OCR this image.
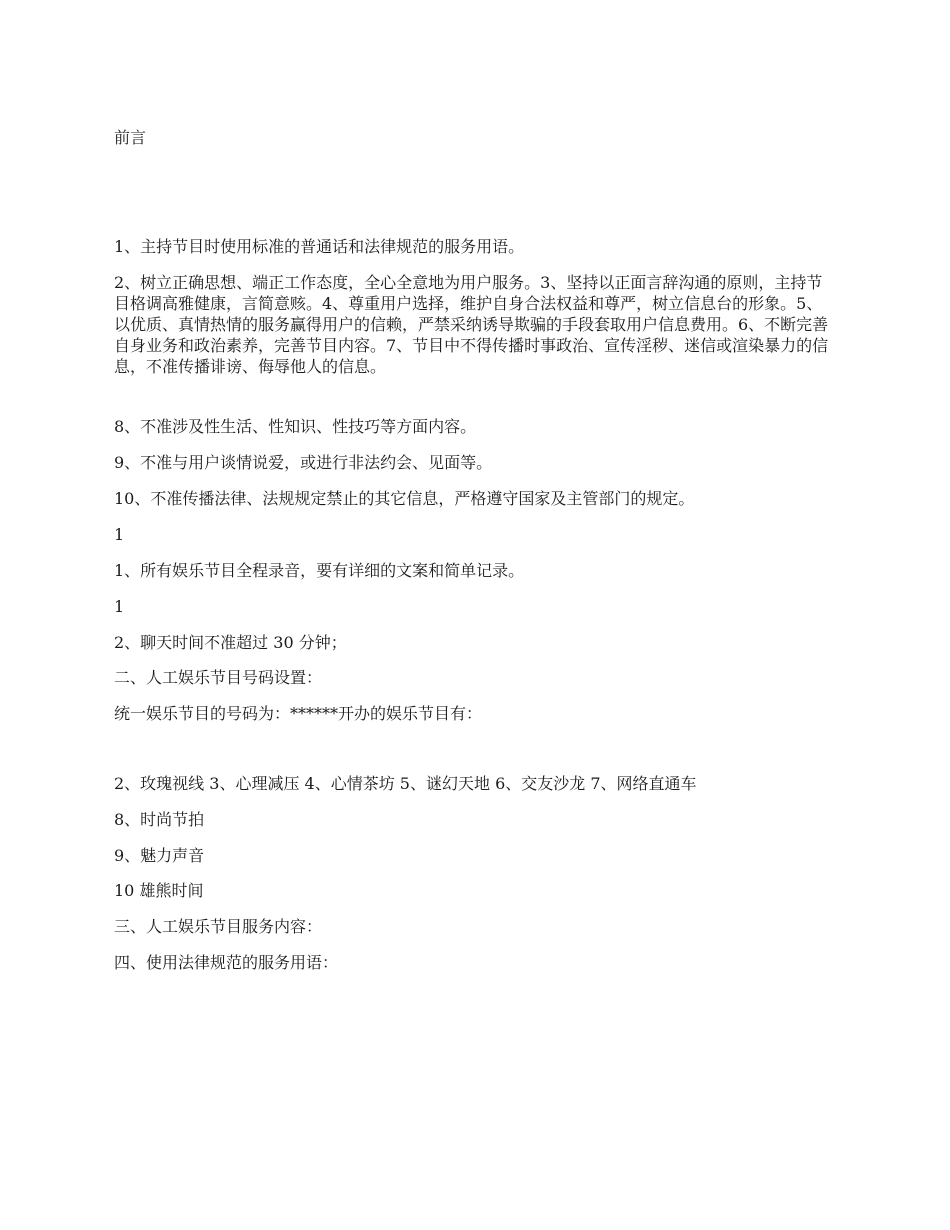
前言

1、主持节目时使用标准的普通话和法律规范的服务用语。

2、树立正确思想、端正工作态度，全心全意地为用户服务。3、坚持以正面言辞沟通的原则，主持节目格调高雅健康，言简意赅。4、尊重用户选择，维护自身合法权益和尊严，树立信息台的形象。5、以优质、真情热情的服务赢得用户的信赖，严禁采纳诱导欺骗的手段套取用户信息费用。6、不断完善自身业务和政治素养，完善节目内容。7、节目中不得传播时事政治、宣传淫秽、迷信或渲染暴力的信息，不准传播诽谤、侮辱他人的信息。

8、不准涉及性生活、性知识、性技巧等方面内容。

9、不准与用户谈情说爱，或进行非法约会、见面等。

10、不准传播法律、法规规定禁止的其它信息，严格遵守国家及主管部门的规定。

1

1、所有娱乐节目全程录音，要有详细的文案和简单记录。

1

2、聊天时间不准超过 30 分钟；

二、人工娱乐节目号码设置：

统一娱乐节目的号码为：******开办的娱乐节目有：

2、玫瑰视线 3、心理减压 4、心情茶坊 5、谜幻天地 6、交友沙龙 7、网络直通车

8、时尚节拍

9、魅力声音

10 雄熊时间

三、人工娱乐节目服务内容：

四、使用法律规范的服务用语：
